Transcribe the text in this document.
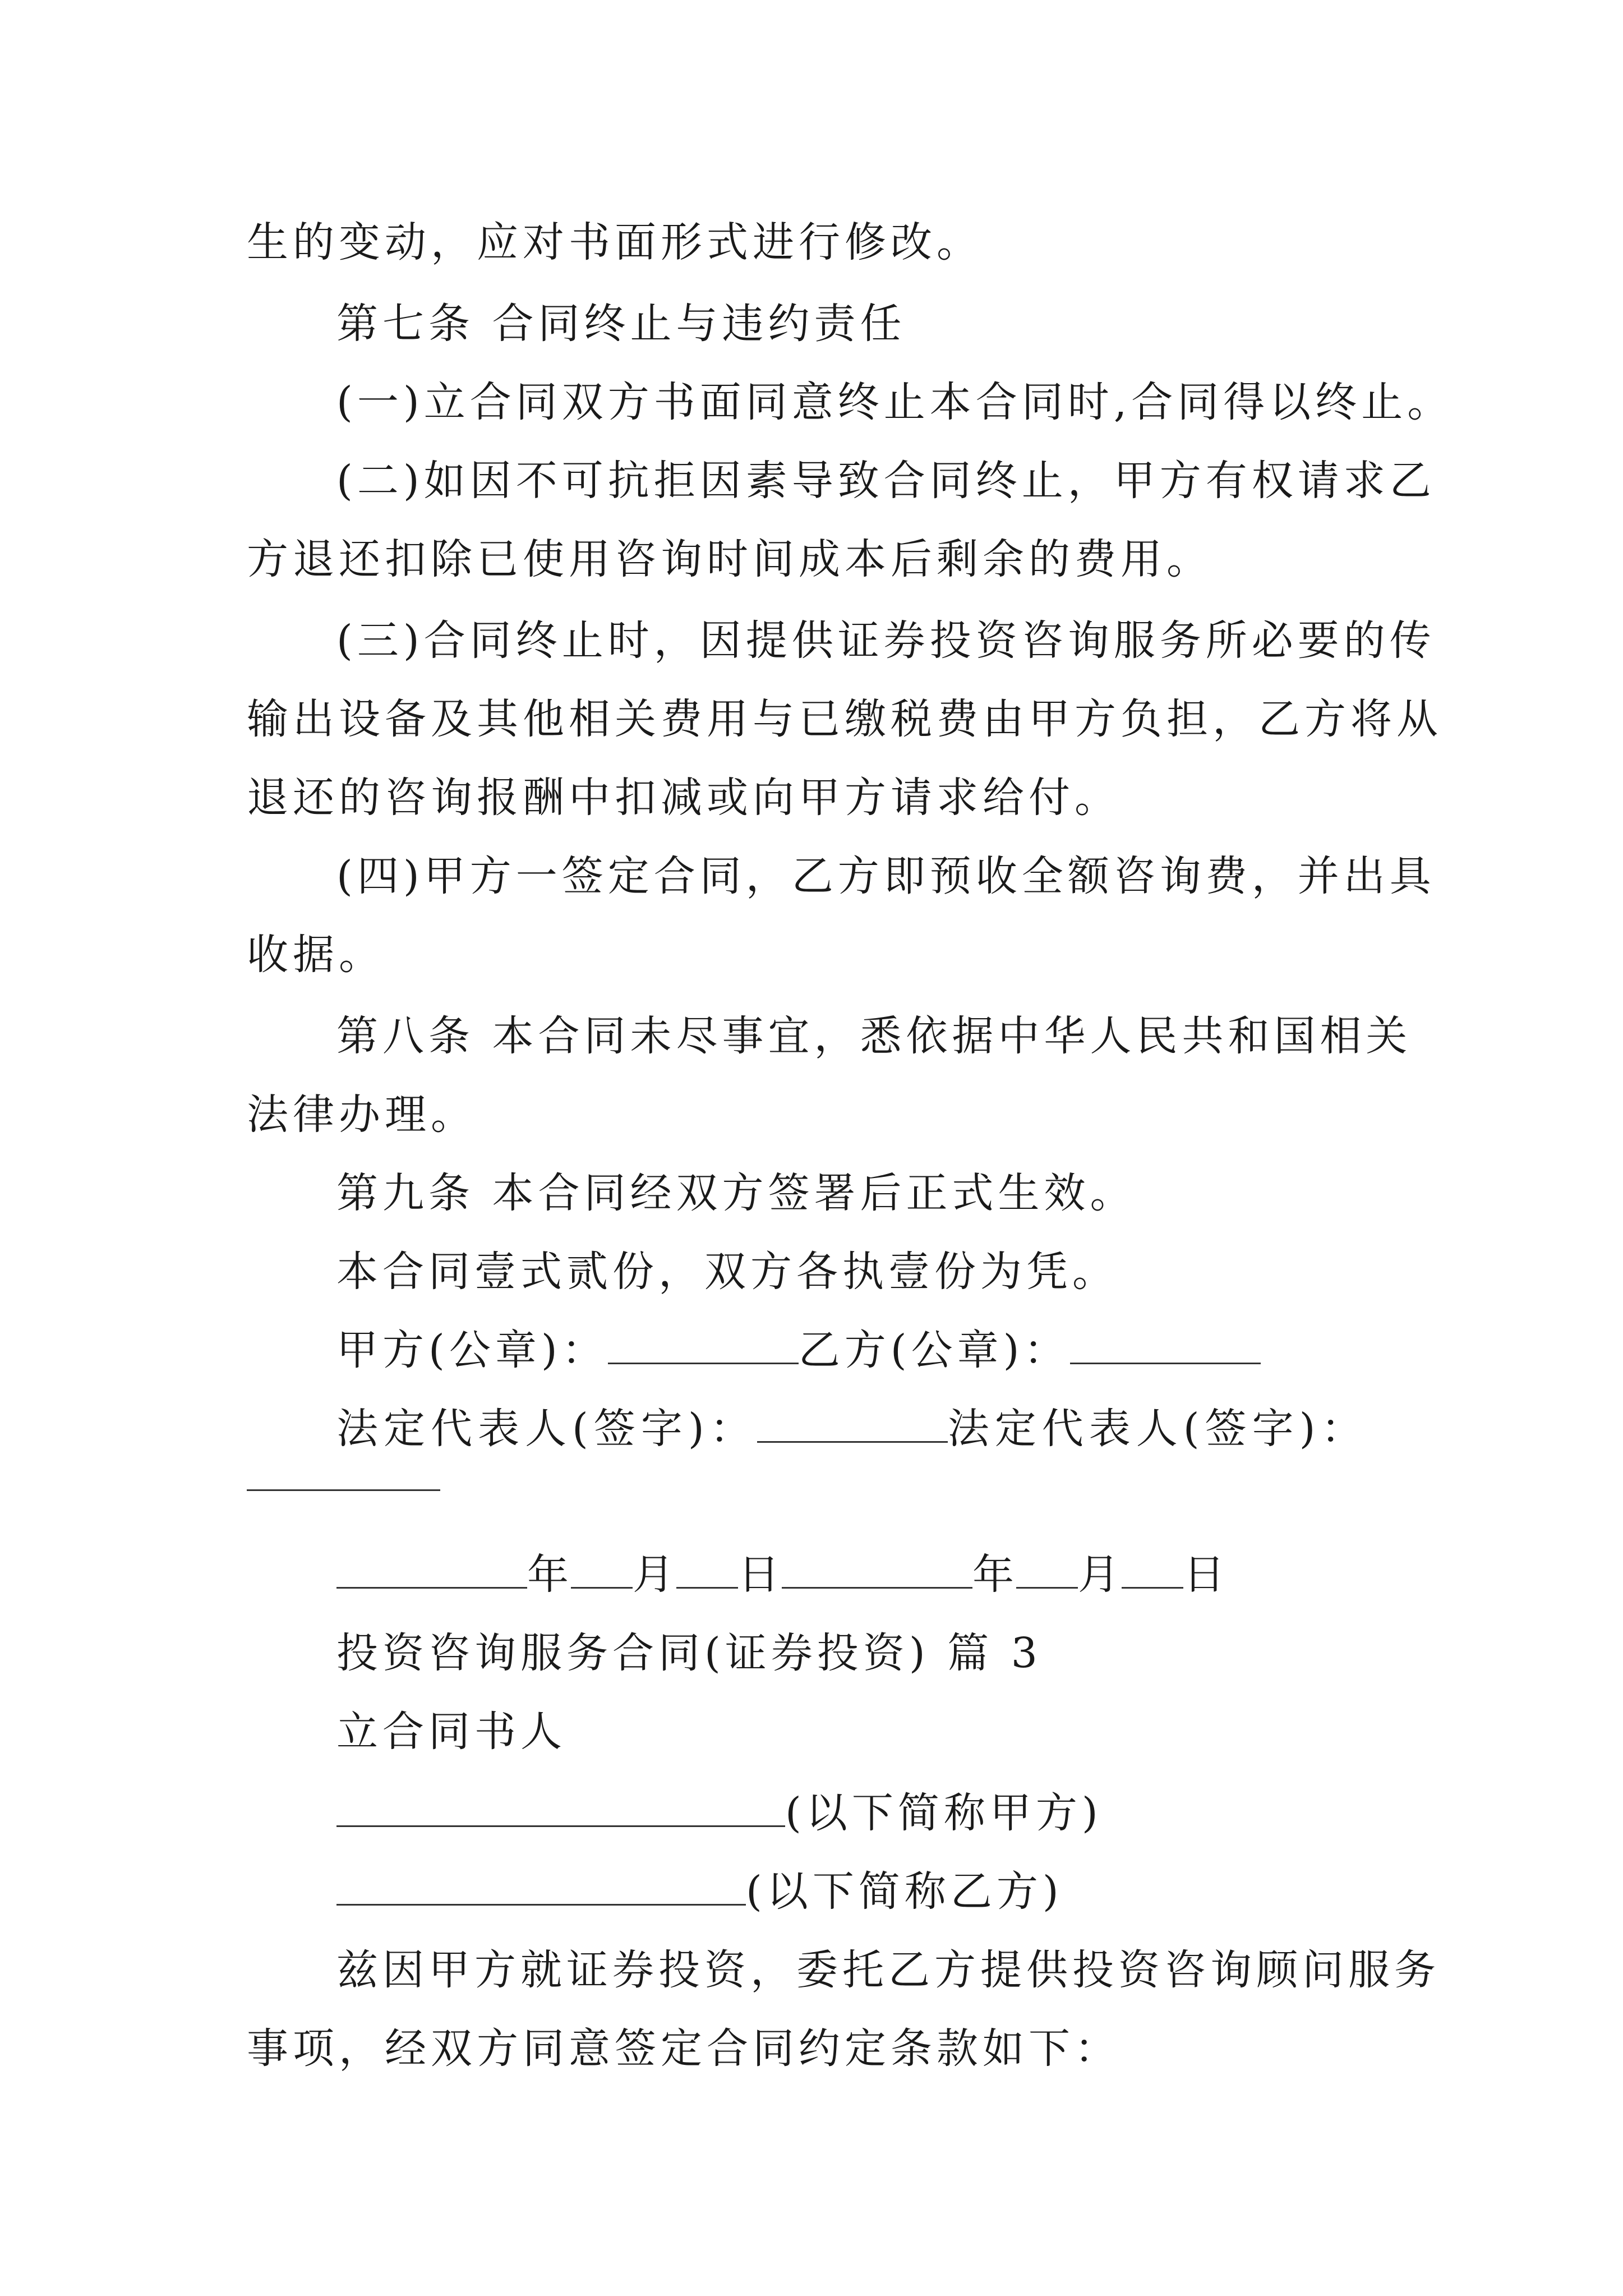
生的变动，应对书面形式进行修改。
第七条 合同终止与违约责任
(一)立合同双方书面同意终止本合同时,合同得以终止。
(二)如因不可抗拒因素导致合同终止，甲方有权请求乙
方退还扣除已使用咨询时间成本后剩余的费用。
(三)合同终止时，因提供证券投资咨询服务所必要的传
输出设备及其他相关费用与已缴税费由甲方负担，乙方将从
退还的咨询报酬中扣减或向甲方请求给付。
(四)甲方一签定合同，乙方即预收全额咨询费，并出具
收据。
第八条 本合同未尽事宜，悉依据中华人民共和国相关
法律办理。
第九条 本合同经双方签署后正式生效。
本合同壹式贰份，双方各执壹份为凭。
甲方(公章)：	乙方(公章)：
法定代表人(签字)：	法定代表人(签字)：
年 月 日	年 月 日
投资咨询服务合同(证券投资) 篇 3
立合同书人
(以下简称甲方)
(以下简称乙方)
兹因甲方就证券投资，委托乙方提供投资咨询顾问服务
事项，经双方同意签定合同约定条款如下：
